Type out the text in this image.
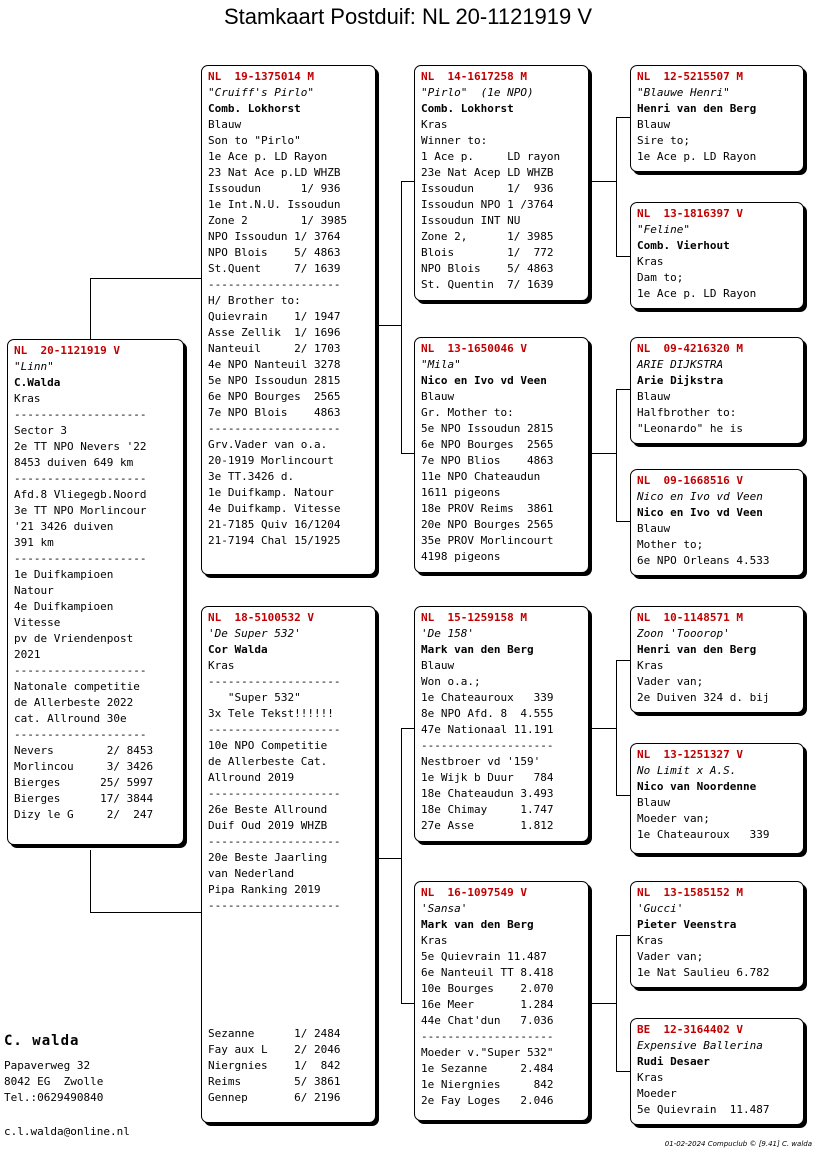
Stamkaart Postduif: NL 20-1121919 V
NL  20-1121919 V
"Linn"
C.Walda
Kras
--------------------
Sector 3
2e TT NPO Nevers '22
8453 duiven 649 km
--------------------
Afd.8 Vliegegb.Noord
3e TT NPO Morlincour
'21 3426 duiven
391 km
--------------------
1e Duifkampioen
Natour
4e Duifkampioen
Vitesse
pv de Vriendenpost
2021
--------------------
Natonale competitie
de Allerbeste 2022
cat. Allround 30e
--------------------
Nevers        2/ 8453
Morlincou     3/ 3426
Bierges      25/ 5997
Bierges      17/ 3844
Dizy le G     2/  247
NL  19-1375014 M
"Cruiff's Pirlo"
Comb. Lokhorst
Blauw
Son to "Pirlo"
1e Ace p. LD Rayon
23 Nat Ace p.LD WHZB
Issoudun      1/ 936
1e Int.N.U. Issoudun
Zone 2        1/ 3985
NPO Issoudun 1/ 3764
NPO Blois    5/ 4863
St.Quent     7/ 1639
--------------------
H/ Brother to:
Quievrain    1/ 1947
Asse Zellik  1/ 1696
Nanteuil     2/ 1703
4e NPO Nanteuil 3278
5e NPO Issoudun 2815
6e NPO Bourges  2565
7e NPO Blois    4863
--------------------
Grv.Vader van o.a.
20-1919 Morlincourt
3e TT.3426 d.
1e Duifkamp. Natour
4e Duifkamp. Vitesse
21-7185 Quiv 16/1204
21-7194 Chal 15/1925
NL  18-5100532 V
'De Super 532'
Cor Walda
Kras
--------------------
"Super 532"
3x Tele Tekst!!!!!!
--------------------
10e NPO Competitie
de Allerbeste Cat.
Allround 2019
--------------------
26e Beste Allround
Duif Oud 2019 WHZB
--------------------
20e Beste Jaarling
van Nederland
Pipa Ranking 2019
--------------------
Sezanne      1/ 2484
Fay aux L    2/ 2046
Niergnies    1/  842
Reims        5/ 3861
Gennep       6/ 2196
NL  14-1617258 M
"Pirlo"  (1e NPO)
Comb. Lokhorst
Kras
Winner to:
1 Ace p.     LD rayon
23e Nat Acep LD WHZB
Issoudun     1/  936
Issoudun NPO 1 /3764
Issoudun INT NU
Zone 2,      1/ 3985
Blois        1/  772
NPO Blois    5/ 4863
St. Quentin  7/ 1639
NL  13-1650046 V
"Mila"
Nico en Ivo vd Veen
Blauw
Gr. Mother to:
5e NPO Issoudun 2815
6e NPO Bourges  2565
7e NPO Blios    4863
11e NPO Chateaudun
1611 pigeons
18e PROV Reims  3861
20e NPO Bourges 2565
35e PROV Morlincourt
4198 pigeons
NL  15-1259158 M
'De 158'
Mark van den Berg
Blauw
Won o.a.;
1e Chateauroux   339
8e NPO Afd. 8  4.555
47e Nationaal 11.191
--------------------
Nestbroer vd '159'
1e Wijk b Duur   784
18e Chateaudun 3.493
18e Chimay     1.747
27e Asse       1.812
NL  16-1097549 V
'Sansa'
Mark van den Berg
Kras
5e Quievrain 11.487
6e Nanteuil TT 8.418
10e Bourges    2.070
16e Meer       1.284
44e Chat'dun   7.036
--------------------
Moeder v."Super 532"
1e Sezanne     2.484
1e Niergnies     842
2e Fay Loges   2.046
NL  12-5215507 M
"Blauwe Henri"
Henri van den Berg
Blauw
Sire to;
1e Ace p. LD Rayon
NL  13-1816397 V
"Feline"
Comb. Vierhout
Kras
Dam to;
1e Ace p. LD Rayon
NL  09-4216320 M
ARIE DIJKSTRA
Arie Dijkstra
Blauw
Halfbrother to:
"Leonardo" he is
NL  09-1668516 V
Nico en Ivo vd Veen
Nico en Ivo vd Veen
Blauw
Mother to;
6e NPO Orleans 4.533
NL  10-1148571 M
Zoon 'Tooorop'
Henri van den Berg
Kras
Vader van;
2e Duiven 324 d. bij
NL  13-1251327 V
No Limit x A.S.
Nico van Noordenne
Blauw
Moeder van;
1e Chateauroux   339
NL  13-1585152 M
'Gucci'
Pieter Veenstra
Kras
Vader van;
1e Nat Saulieu 6.782
BE  12-3164402 V
Expensive Ballerina
Rudi Desaer
Kras
Moeder
5e Quievrain  11.487
C. walda
Papaverweg 32
8042 EG  Zwolle
Tel.:0629490840
c.l.walda@online.nl
01-02-2024 Compuclub © [9.41] C. walda
